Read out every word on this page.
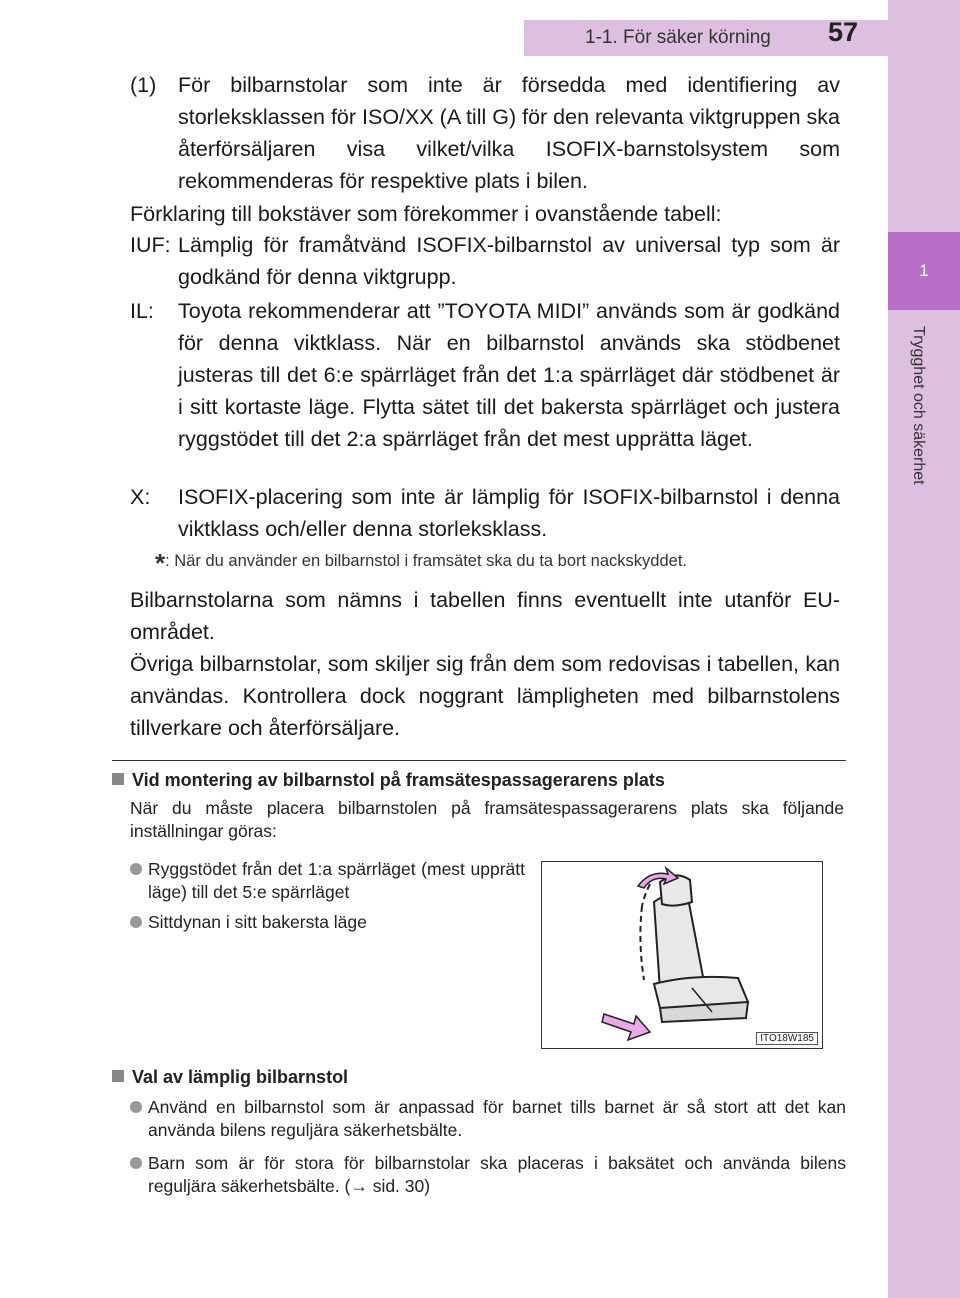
1
Trygghet och säkerhet
1-1. För säker körning 57
(1) För bilbarnstolar som inte är försedda med identifiering av storleksklassen för ISO/XX (A till G) för den relevanta viktgruppen ska återförsäljaren visa vilket/vilka ISOFIX-barnstolsystem som rekommenderas för respektive plats i bilen.
Förklaring till bokstäver som förekommer i ovanstående tabell:
IUF: Lämplig för framåtvänd ISOFIX-bilbarnstol av universal typ som är godkänd för denna viktgrupp.
IL: Toyota rekommenderar att ”TOYOTA MIDI” används som är godkänd för denna viktklass. När en bilbarnstol används ska stödbenet justeras till det 6:e spärrläget från det 1:a spärrläget där stödbenet är i sitt kortaste läge. Flytta sätet till det bakersta spärrläget och justera ryggstödet till det 2:a spärrläget från det mest upprätta läget.
X: ISOFIX-placering som inte är lämplig för ISOFIX-bilbarnstol i denna viktklass och/eller denna storleksklass.
*: När du använder en bilbarnstol i framsätet ska du ta bort nackskyddet.
Bilbarnstolarna som nämns i tabellen finns eventuellt inte utanför EU-området.
Övriga bilbarnstolar, som skiljer sig från dem som redovisas i tabellen, kan användas. Kontrollera dock noggrant lämpligheten med bilbarnstolens tillverkare och återförsäljare.
Vid montering av bilbarnstol på framsätespassagerarens plats
När du måste placera bilbarnstolen på framsätespassagerarens plats ska följande inställningar göras:
Ryggstödet från det 1:a spärrläget (mest upprätt läge) till det 5:e spärrläget
Sittdynan i sitt bakersta läge
ITO18W185
Val av lämplig bilbarnstol
Använd en bilbarnstol som är anpassad för barnet tills barnet är så stort att det kan använda bilens reguljära säkerhetsbälte.
Barn som är för stora för bilbarnstolar ska placeras i baksätet och använda bilens reguljära säkerhetsbälte. (→ sid. 30)
